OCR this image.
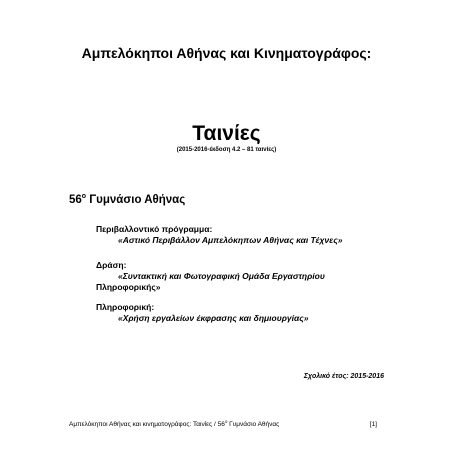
Αμπελόκηποι Αθήνας και Κινηματογράφος:
Ταινίες
(2015-2016-έκδοση 4.2 – 81 ταινίες)
$56^o$ Γυμνάσιο Αθήνας
Περιβαλλοντικό πρόγραμμα:
«Αστικό Περιβάλλον Αμπελόκηπων Αθήνας και Τέχνες»
Δράση:
«Συντακτική και Φωτογραφική Ομάδα Εργαστηρίου
Πληροφορικής»
Πληροφορική:
«Χρήση εργαλείων έκφρασης και δημιουργίας»
Σχολικό έτος: 2015-2016
Αμπελόκηποι Αθήνας και κινηματογράφος: Ταινίες / $56^o$ Γυμνάσιο Αθήνας	[1]
